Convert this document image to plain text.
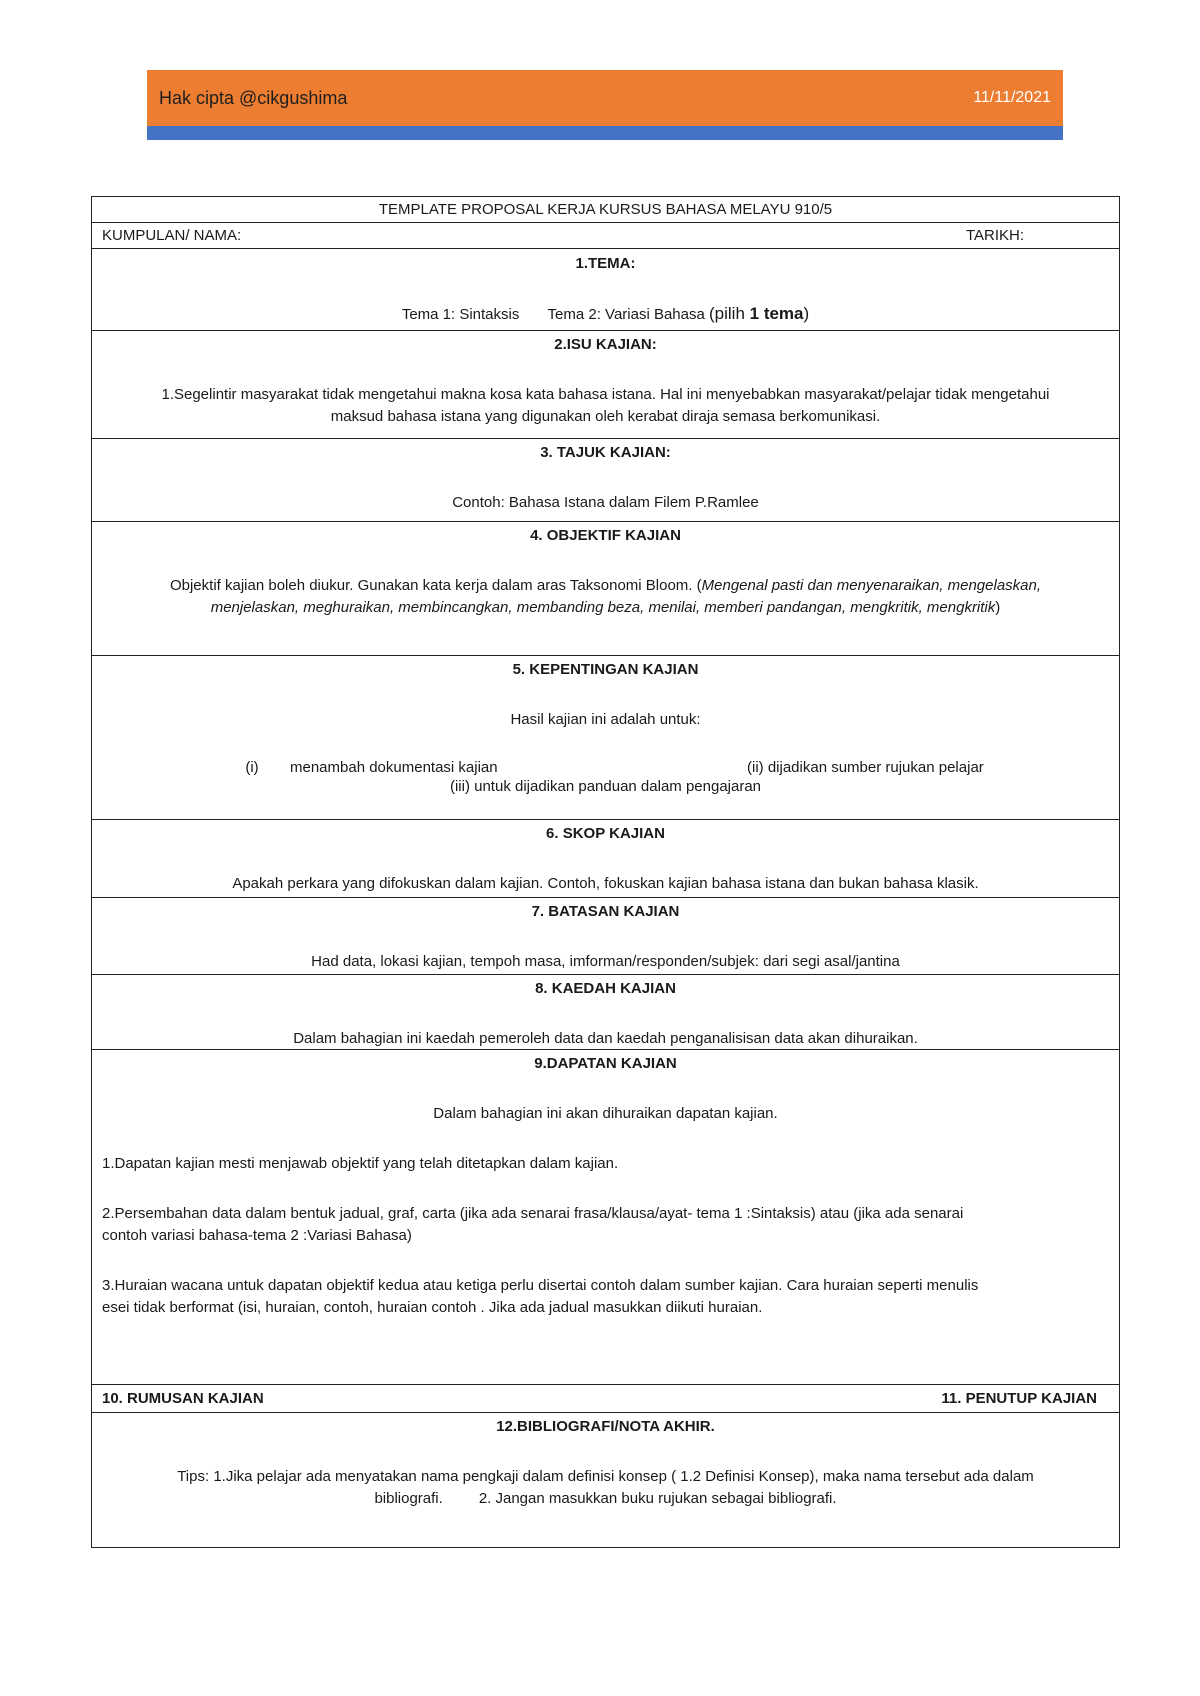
Hak cipta @cikgushima	11/11/2021
TEMPLATE PROPOSAL KERJA KURSUS BAHASA MELAYU 910/5
KUMPULAN/ NAMA:	TARIKH:

1.TEMA:

Tema 1: Sintaksis Tema 2: Variasi Bahasa (pilih 1 tema)

2.ISU KAJIAN:

1.Segelintir masyarakat tidak mengetahui makna kosa kata bahasa istana. Hal ini menyebabkan masyarakat/pelajar tidak mengetahui

maksud bahasa istana yang digunakan oleh kerabat diraja semasa berkomunikasi.

3. TAJUK KAJIAN:

Contoh: Bahasa Istana dalam Filem P.Ramlee

4. OBJEKTIF KAJIAN

Objektif kajian boleh diukur. Gunakan kata kerja dalam aras Taksonomi Bloom. (Mengenal pasti dan menyenaraikan, mengelaskan,

menjelaskan, meghuraikan, membincangkan, membanding beza, menilai, memberi pandangan, mengkritik, mengkritik)

5. KEPENTINGAN KAJIAN

Hasil kajian ini adalah untuk:

(i)	menambah dokumentasi kajian	(ii) dijadikan sumber rujukan pelajar

(iii) untuk dijadikan panduan dalam pengajaran

6. SKOP KAJIAN

Apakah perkara yang difokuskan dalam kajian. Contoh, fokuskan kajian bahasa istana dan bukan bahasa klasik.

7. BATASAN KAJIAN

Had data, lokasi kajian, tempoh masa, imforman/responden/subjek: dari segi asal/jantina

8. KAEDAH KAJIAN

Dalam bahagian ini kaedah pemeroleh data dan kaedah penganalisisan data akan dihuraikan.

9.DAPATAN KAJIAN

Dalam bahagian ini akan dihuraikan dapatan kajian.

1.Dapatan kajian mesti menjawab objektif yang telah ditetapkan dalam kajian.

2.Persembahan data dalam bentuk jadual, graf, carta (jika ada senarai frasa/klausa/ayat- tema 1 :Sintaksis) atau (jika ada senarai

contoh variasi bahasa-tema 2 :Variasi Bahasa)

3.Huraian wacana untuk dapatan objektif kedua atau ketiga perlu disertai contoh dalam sumber kajian. Cara huraian seperti menulis

esei tidak berformat (isi, huraian, contoh, huraian contoh . Jika ada jadual masukkan diikuti huraian.

10. RUMUSAN KAJIAN	11. PENUTUP KAJIAN

12.BIBLIOGRAFI/NOTA AKHIR.

Tips: 1.Jika pelajar ada menyatakan nama pengkaji dalam definisi konsep ( 1.2 Definisi Konsep), maka nama tersebut ada dalam

bibliografi. 2. Jangan masukkan buku rujukan sebagai bibliografi.
